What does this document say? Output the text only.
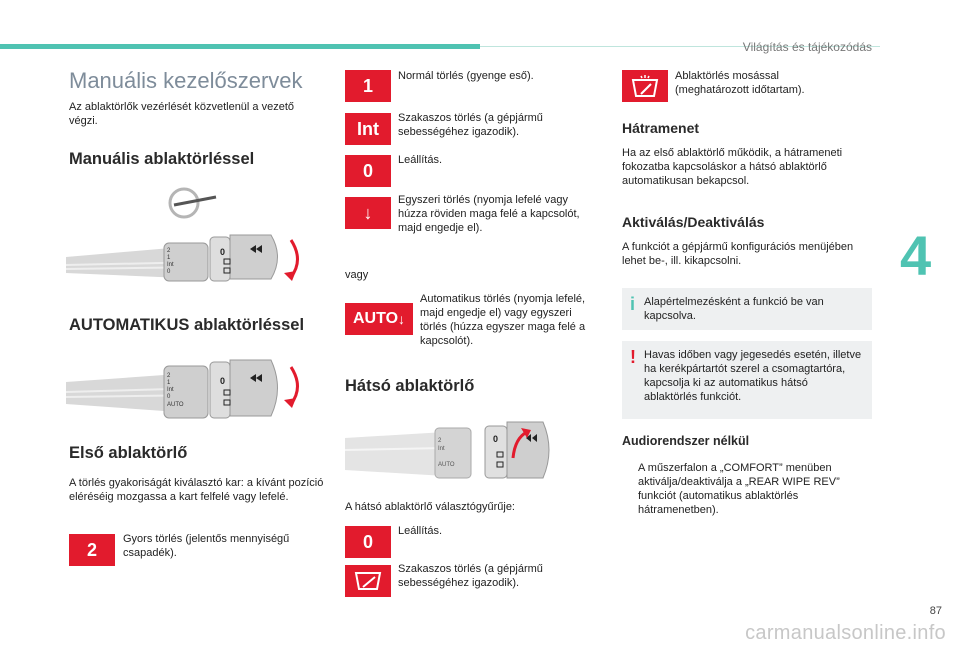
Világítás és tájékozódás
4
Manuális kezelőszervek
Az ablaktörlők vezérlését közvetlenül a vezető végzi.
Manuális ablaktörléssel
2
1
Int
0
0
AUTOMATIKUS ablaktörléssel
2
1
Int
0
AUTO
0
Első ablaktörlő
A törlés gyakoriságát kiválasztó kar: a kívánt pozíció eléréséig mozgassa a kart felfelé vagy lefelé.
2
Gyors törlés (jelentős mennyiségű csapadék).
1 Normál törlés (gyenge eső).
Int
Szakaszos törlés (a gépjármű sebességéhez igazodik).
0
Leállítás.
↓
Egyszeri törlés (nyomja lefelé vagy húzza röviden maga felé a kapcsolót, majd engedje el).
vagy
AUTO ↓
Automatikus törlés (nyomja lefelé, majd engedje el) vagy egyszeri törlés (húzza egyszer maga felé a kapcsolót).
Hátsó ablaktörlő
2
Int
AUTO
0
A hátsó ablaktörlő választógyűrűje:
0
Leállítás.
Szakaszos törlés (a gépjármű sebességéhez igazodik).
Ablaktörlés mosással (meghatározott időtartam).
Hátramenet
Ha az első ablaktörlő működik, a hátrameneti fokozatba kapcsoláskor a hátsó ablaktörlő automatikusan bekapcsol.
Aktiválás/Deaktiválás
A funkciót a gépjármű konfigurációs menüjében lehet be-, ill. kikapcsolni.
i Alapértelmezésként a funkció be van kapcsolva.
! Havas időben vagy jegesedés esetén, illetve ha kerékpártartót szerel a csomagtartóra, kapcsolja ki az automatikus hátsó ablaktörlés funkciót.
Audiorendszer nélkül
A műszerfalon a „COMFORT” menüben aktiválja/deaktiválja a „REAR WIPE REV” funkciót (automatikus ablaktörlés hátramenetben).
87
carmanualsonline.info
